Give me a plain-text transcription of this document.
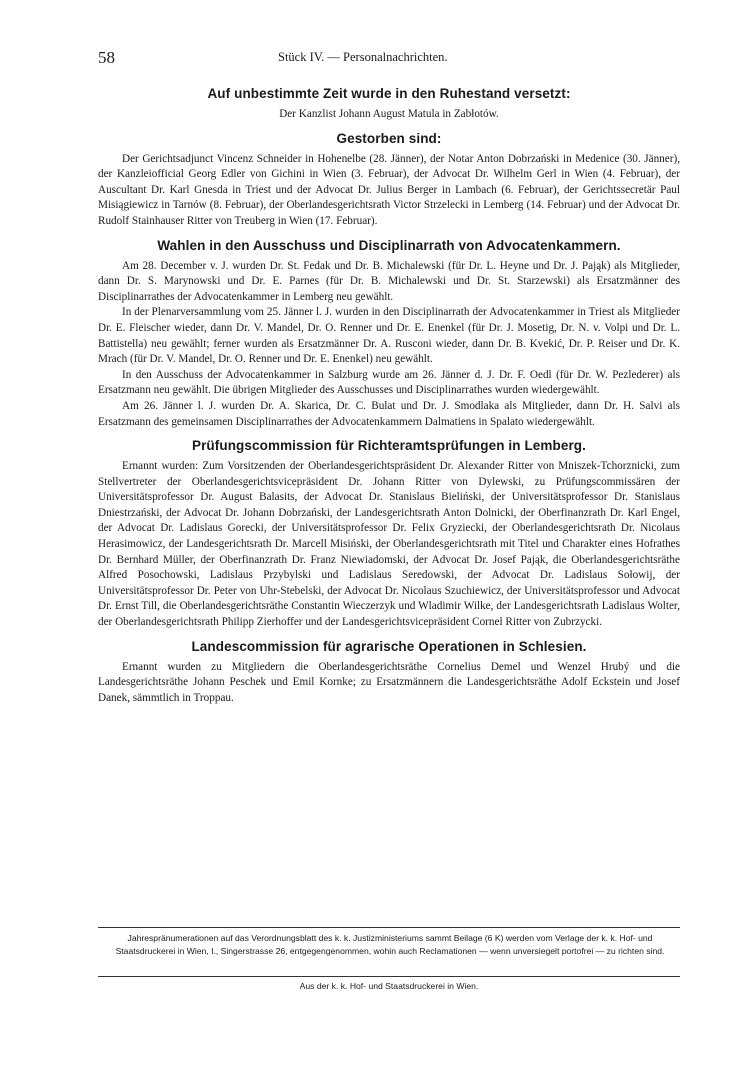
58	Stück IV. — Personalnachrichten.
Auf unbestimmte Zeit wurde in den Ruhestand versetzt:

Der Kanzlist Johann August Matula in Zabłotów.

Gestorben sind:

Der Gerichtsadjunct Vincenz Schneider in Hohenelbe (28. Jänner), der Notar Anton Dobrzański in Medenice (30. Jänner), der Kanzleiofficial Georg Edler von Gichini in Wien (3. Februar), der Advocat Dr. Wilhelm Gerl in Wien (4. Februar), der Auscultant Dr. Karl Gnesda in Triest und der Advocat Dr. Julius Berger in Lambach (6. Februar), der Gerichtssecretär Paul Misiągiewicz in Tarnów (8. Februar), der Oberlandesgerichtsrath Victor Strzelecki in Lemberg (14. Februar) und der Advocat Dr. Rudolf Stainhauser Ritter von Treuberg in Wien (17. Februar).

Wahlen in den Ausschuss und Disciplinarrath von Advocatenkammern.

Am 28. December v. J. wurden Dr. St. Fedak und Dr. B. Michalewski (für Dr. L. Heyne und Dr. J. Pająk) als Mitglieder, dann Dr. S. Marynowski und Dr. E. Parnes (für Dr. B. Michalewski und Dr. St. Starzewski) als Ersatzmänner des Disciplinarrathes der Advocatenkammer in Lemberg neu gewählt.

In der Plenarversammlung vom 25. Jänner l. J. wurden in den Disciplinarrath der Advocatenkammer in Triest als Mitglieder Dr. E. Fleischer wieder, dann Dr. V. Mandel, Dr. O. Renner und Dr. E. Enenkel (für Dr. J. Mosetig, Dr. N. v. Volpi und Dr. L. Battistella) neu gewählt; ferner wurden als Ersatzmänner Dr. A. Rusconi wieder, dann Dr. B. Kvekić, Dr. P. Reiser und Dr. K. Mrach (für Dr. V. Mandel, Dr. O. Renner und Dr. E. Enenkel) neu gewählt.

In den Ausschuss der Advocatenkammer in Salzburg wurde am 26. Jänner d. J. Dr. F. Oedl (für Dr. W. Pezlederer) als Ersatzmann neu gewählt. Die übrigen Mitglieder des Ausschusses und Disciplinarrathes wurden wiedergewählt.

Am 26. Jänner l. J. wurden Dr. A. Skarica, Dr. C. Bulat und Dr. J. Smodlaka als Mitglieder, dann Dr. H. Salvi als Ersatzmann des gemeinsamen Disciplinarrathes der Advocatenkammern Dalmatiens in Spalato wiedergewählt.

Prüfungscommission für Richteramtsprüfungen in Lemberg.

Ernannt wurden: Zum Vorsitzenden der Oberlandesgerichtspräsident Dr. Alexander Ritter von Mniszek-Tchorznicki, zum Stellvertreter der Oberlandesgerichtsvicepräsident Dr. Johann Ritter von Dylewski, zu Prüfungscommissären der Universitätsprofessor Dr. August Balasits, der Advocat Dr. Stanislaus Bieliński, der Universitätsprofessor Dr. Stanislaus Dniestrzański, der Advocat Dr. Johann Dobrzański, der Landesgerichtsrath Anton Dolnicki, der Oberfinanzrath Dr. Karl Engel, der Advocat Dr. Ladislaus Gorecki, der Universitätsprofessor Dr. Felix Gryziecki, der Oberlandesgerichtsrath Dr. Nicolaus Herasimowicz, der Landesgerichtsrath Dr. Marcell Misiński, der Oberlandesgerichtsrath mit Titel und Charakter eines Hofrathes Dr. Bernhard Müller, der Oberfinanzrath Dr. Franz Niewiadomski, der Advocat Dr. Josef Pająk, die Oberlandesgerichtsräthe Alfred Posochowski, Ladislaus Przybylski und Ladislaus Seredowski, der Advocat Dr. Ladislaus Sołowij, der Universitätsprofessor Dr. Peter von Uhr-Stebelski, der Advocat Dr. Nicolaus Szuchiewicz, der Universitätsprofessor und Advocat Dr. Ernst Till, die Oberlandesgerichtsräthe Constantin Wieczerzyk und Wladimir Wilke, der Landesgerichtsrath Ladislaus Wolter, der Oberlandesgerichtsrath Philipp Zierhoffer und der Landesgerichtsvicepräsident Cornel Ritter von Zubrzycki.

Landescommission für agrarische Operationen in Schlesien.

Ernannt wurden zu Mitgliedern die Oberlandesgerichtsräthe Cornelius Demel und Wenzel Hrubý und die Landesgerichtsräthe Johann Peschek und Emil Kornke; zu Ersatzmännern die Landesgerichtsräthe Adolf Eckstein und Josef Danek, sämmtlich in Troppau.

Jahrespränumerationen auf das Verordnungsblatt des k. k. Justizministeriums sammt Beilage (6 K) werden vom Verlage der k. k. Hof- und Staatsdruckerei in Wien, I., Singerstrasse 26, entgegengenommen, wohin auch Reclamationen — wenn unversiegelt portofrei — zu richten sind.
Aus der k. k. Hof- und Staatsdruckerei in Wien.
